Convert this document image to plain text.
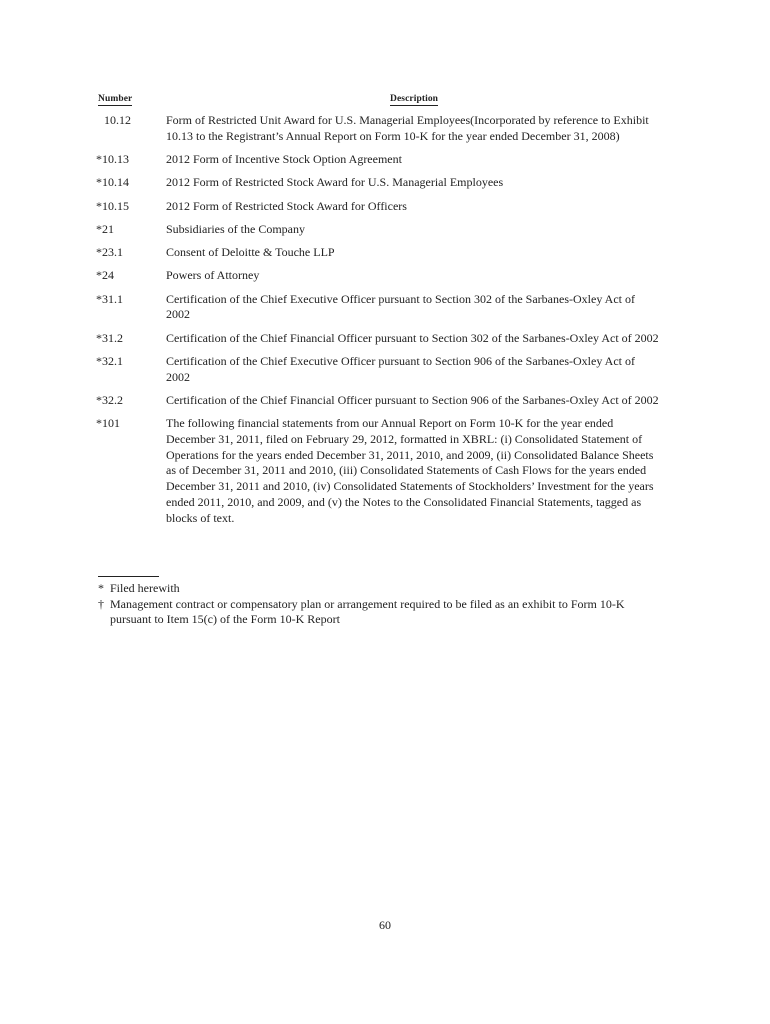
Number	Description
10.12	Form of Restricted Unit Award for U.S. Managerial Employees(Incorporated by reference to Exhibit 10.13 to the Registrant’s Annual Report on Form 10-K for the year ended December 31, 2008)
*10.13	2012 Form of Incentive Stock Option Agreement
*10.14	2012 Form of Restricted Stock Award for U.S. Managerial Employees
*10.15	2012 Form of Restricted Stock Award for Officers
*21	Subsidiaries of the Company
*23.1	Consent of Deloitte & Touche LLP
*24	Powers of Attorney
*31.1	Certification of the Chief Executive Officer pursuant to Section 302 of the Sarbanes-Oxley Act of 2002
*31.2	Certification of the Chief Financial Officer pursuant to Section 302 of the Sarbanes-Oxley Act of 2002
*32.1	Certification of the Chief Executive Officer pursuant to Section 906 of the Sarbanes-Oxley Act of 2002
*32.2	Certification of the Chief Financial Officer pursuant to Section 906 of the Sarbanes-Oxley Act of 2002
*101	The following financial statements from our Annual Report on Form 10-K for the year ended December 31, 2011, filed on February 29, 2012, formatted in XBRL: (i) Consolidated Statement of Operations for the years ended December 31, 2011, 2010, and 2009, (ii) Consolidated Balance Sheets as of December 31, 2011 and 2010, (iii) Consolidated Statements of Cash Flows for the years ended December 31, 2011 and 2010, (iv) Consolidated Statements of Stockholders’ Investment for the years ended 2011, 2010, and 2009, and (v) the Notes to the Consolidated Financial Statements, tagged as blocks of text.
* Filed herewith
† Management contract or compensatory plan or arrangement required to be filed as an exhibit to Form 10-K pursuant to Item 15(c) of the Form 10-K Report
60
